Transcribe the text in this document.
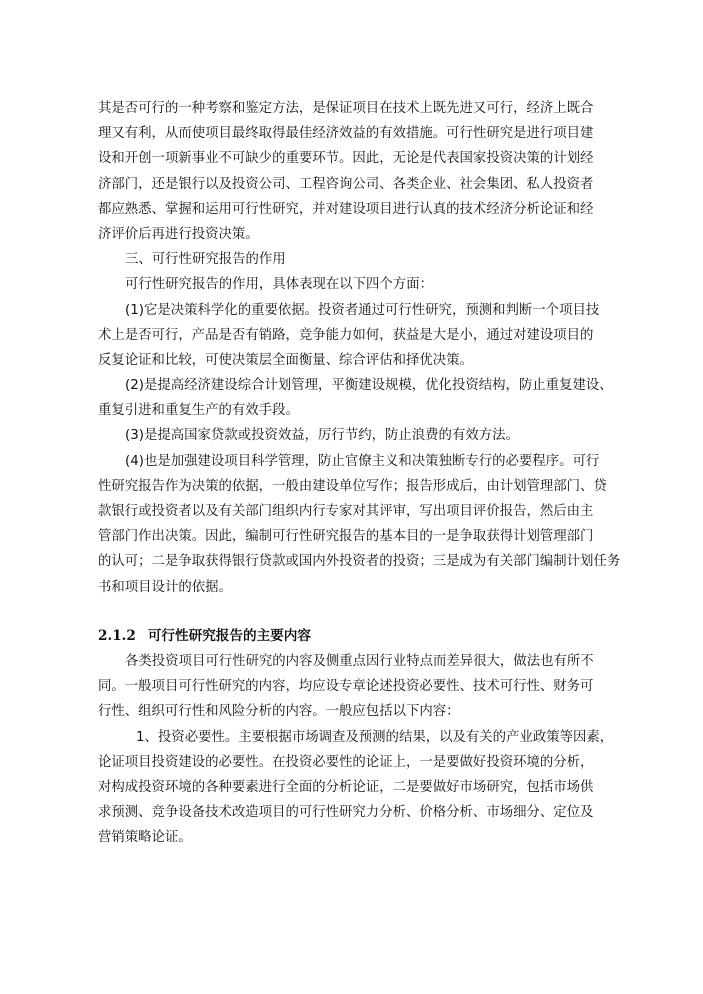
其是否可行的一种考察和鉴定方法，是保证项目在技术上既先进又可行，经济上既合
理又有利，从而使项目最终取得最佳经济效益的有效措施。可行性研究是进行项目建
设和开创一项新事业不可缺少的重要环节。因此，无论是代表国家投资决策的计划经
济部门，还是银行以及投资公司、工程咨询公司、各类企业、社会集团、私人投资者
都应熟悉、掌握和运用可行性研究，并对建设项目进行认真的技术经济分析论证和经
济评价后再进行投资决策。
三、可行性研究报告的作用
可行性研究报告的作用，具体表现在以下四个方面：
(1)它是决策科学化的重要依据。投资者通过可行性研究，预测和判断一个项目技
术上是否可行，产品是否有销路，竞争能力如何，获益是大是小，通过对建设项目的
反复论证和比较，可使决策层全面衡量、综合评估和择优决策。
(2)是提高经济建设综合计划管理，平衡建设规模，优化投资结构，防止重复建设、
重复引进和重复生产的有效手段。
(3)是提高国家贷款或投资效益，厉行节约，防止浪费的有效方法。
(4)也是加强建设项目科学管理，防止官僚主义和决策独断专行的必要程序。可行
性研究报告作为决策的依据，一般由建设单位写作；报告形成后，由计划管理部门、贷
款银行或投资者以及有关部门组织内行专家对其评审，写出项目评价报告，然后由主
管部门作出决策。因此，编制可行性研究报告的基本目的一是争取获得计划管理部门
的认可；二是争取获得银行贷款或国内外投资者的投资；三是成为有关部门编制计划任务
书和项目设计的依据。
2.1.2 可行性研究报告的主要内容
各类投资项目可行性研究的内容及侧重点因行业特点而差异很大，做法也有所不
同。一般项目可行性研究的内容，均应设专章论述投资必要性、技术可行性、财务可
行性、组织可行性和风险分析的内容。一般应包括以下内容：
1、投资必要性。主要根据市场调查及预测的结果，以及有关的产业政策等因素，
论证项目投资建设的必要性。在投资必要性的论证上，一是要做好投资环境的分析，
对构成投资环境的各种要素进行全面的分析论证，二是要做好市场研究，包括市场供
求预测、竞争设备技术改造项目的可行性研究力分析、价格分析、市场细分、定位及
营销策略论证。
